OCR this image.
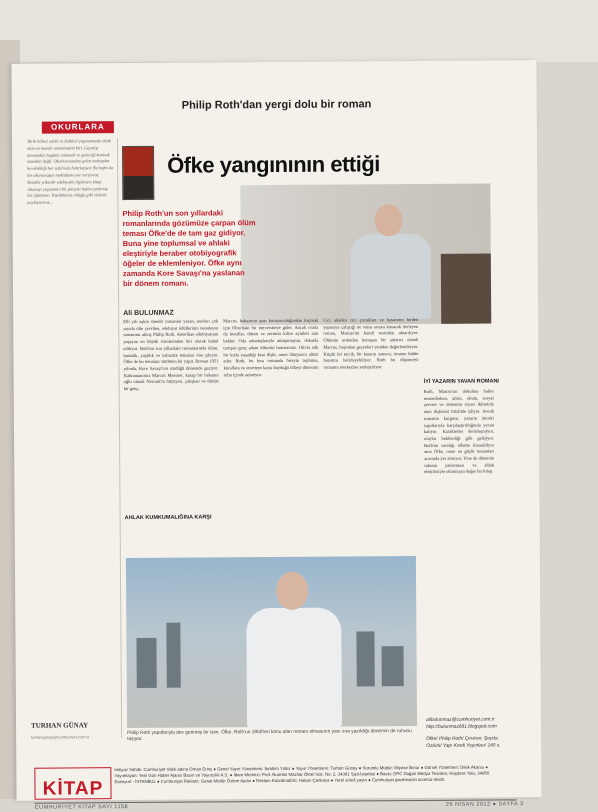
Philip Roth'dan yergi dolu bir roman
OKURLARA

Tarih bilinci edebi ve kültürel yaşamımızda eksik olan en önemli unsurlardan biri. Geçmişi tanımadan bugünü anlamak ve geleceği kurmak mümkün değil. Okurlarımızdan gelen mektuplar bu eksikliği her seferinde hatırlatıyor. Bu hafta da bir okurumuzun mektubuna yer veriyoruz. Kendisi yıllardır edebiyatla ilgilenen, kitap okumayı yaşamının bir parçası haline getirmiş bir öğretmen. Yazdıklarını olduğu gibi sizlerle paylaşıyoruz...

TURHAN GÜNAY
turhangunay@cumhuriyet.com.tr
Öfke yangınının ettiği
Philip Roth'un son yıllardaki romanlarında gözümüze çarpan ölüm teması Öfke'de de tam gaz gidiyor. Buna yine toplumsal ve ahlaki eleştiriyle beraber otobiyografik öğeler de eklemleniyor. Öfke aynı zamanda Kore Savaşı'na yaslanan bir dönem romanı.
Ali BULUNMAZ
Elli yılı aşkın süredir romanlar yazan, eserleri çok sayıda dile çevrilen, edebiyat ödüllerinin neredeyse tamamını almış Philip Roth, Amerikan edebiyatının yaşayan en büyük isimlerinden biri olarak kabul ediliyor. Roth'un son yıllardaki romanlarında ölüm, hastalık, yaşlılık ve yalnızlık temaları öne çıkıyor. Öfke de bu temaları sürdüren bir yapıt. Roman 1951 yılında, Kore Savaşı'nın sürdüğü dönemde geçiyor. Kahramanımız Marcus Messner, kasap bir babanın oğlu olarak Newark'ta büyüyen, çalışkan ve dürüst bir genç.
AHLAK KUMKUMALIĞINA KARŞI
Marcus, babasının aşırı koruyuculuğundan kaçmak için Ohio'daki bir üniversiteye gider. Ancak orada da kurallar, düzen ve zorunlu kilise ayinleri onu bekler. Oda arkadaşlarıyla anlaşamayan, dekanla tartışan genç adam öfkesini bastıramaz. Olivia adlı bir kızla yaşadığı kısa ilişki, onun dünyasını altüst eder. Roth, bu kısa romanda bireyin topluma, kurallara ve otoriteye karşı duyduğu öfkeyi dönemin ruhu içinde anlatıyor.
Cici aileden cici çocukları ve hayatının birden yapmaya çalıştığı ne varsa ortaya koyarak ilerleyen roman, Marcus'un kendi sesinden aktarılıyor. Ölümün ardından konuşan bir anlatıcı olarak Marcus, başından geçenleri yeniden değerlendiriyor. Küçük bir tercih, bir kararın sonucu, insanın bütün hayatını belirleyebiliyor. Roth bu düşünceyi romanın merkezine yerleştiriyor.
İYİ YAZARIN YAVAN ROMANI
Roth, Marcus'un dokulma halini resmederken, ailesi, okulu, sosyal çevresi ve dönemin siyasi iklimiyle olan ilişkisini titizlikle işliyor. Ancak romanın kurgusu, yazarın önceki yapıtlarıyla karşılaştırıldığında yavan kalıyor. Karakterler derinleşmiyor, olaylar beklendiği gibi gelişiyor. Roth'un ustalığı elbette hissediliyor ama Öfke, onun en güçlü romanları arasında yer almıyor. Yine de dönemin ruhunu yansıtması ve ahlak eleştirisiyle okunmaya değer bir kitap.
Philip Roth yapıtlarıyla dev getirmiş bir isim. Öfke, Roth'un 1950'leri konu alan romanı olmasının yanı sıra yazıldığı dönemin de ruhunu taşıyor.
alibulunmaz@cumhuriyet.com.tr
http://bulunmaz681.blogspot.com
Öfke/ Philip Roth/ Çeviren: Şeyda Öztürk/ Yapı Kredi Yayınları/ 140 s.
KİTAP
İmtiyaz Sahibi: Cumhuriyet Vakfı adına Orhan Erinç ● Genel Yayın Yönetmeni: İbrahim Yıldız ● Yayın Yönetmeni: Turhan Günay ● Sorumlu Müdür: Miyase İlknur ● Görsel Yönetmen: Dilek Akarsu ● Yayımlayan: Yeni Gün Haber Ajansı Basın ve Yayıncılık A.Ş. ● İdare Merkezi: Prof. Nurettin Mazhar Öktel Sok. No: 2, 34381 Şişli-İstanbul ● Baskı: DPC Doğan Medya Tesisleri, Hoşdere Yolu, 34850 Esenyurt - İSTANBUL ● Cumhuriyet Reklam: Genel Müdür Özlem Aydın ● Reklam Koordinatörü: Hakan Çankaya ● Yerel süreli yayın ● Cumhuriyet gazetesinin ücretsiz ekidir.
CUMHURİYET KİTAP SAYI 1158	26 NİSAN 2012 ● SAYFA 3
